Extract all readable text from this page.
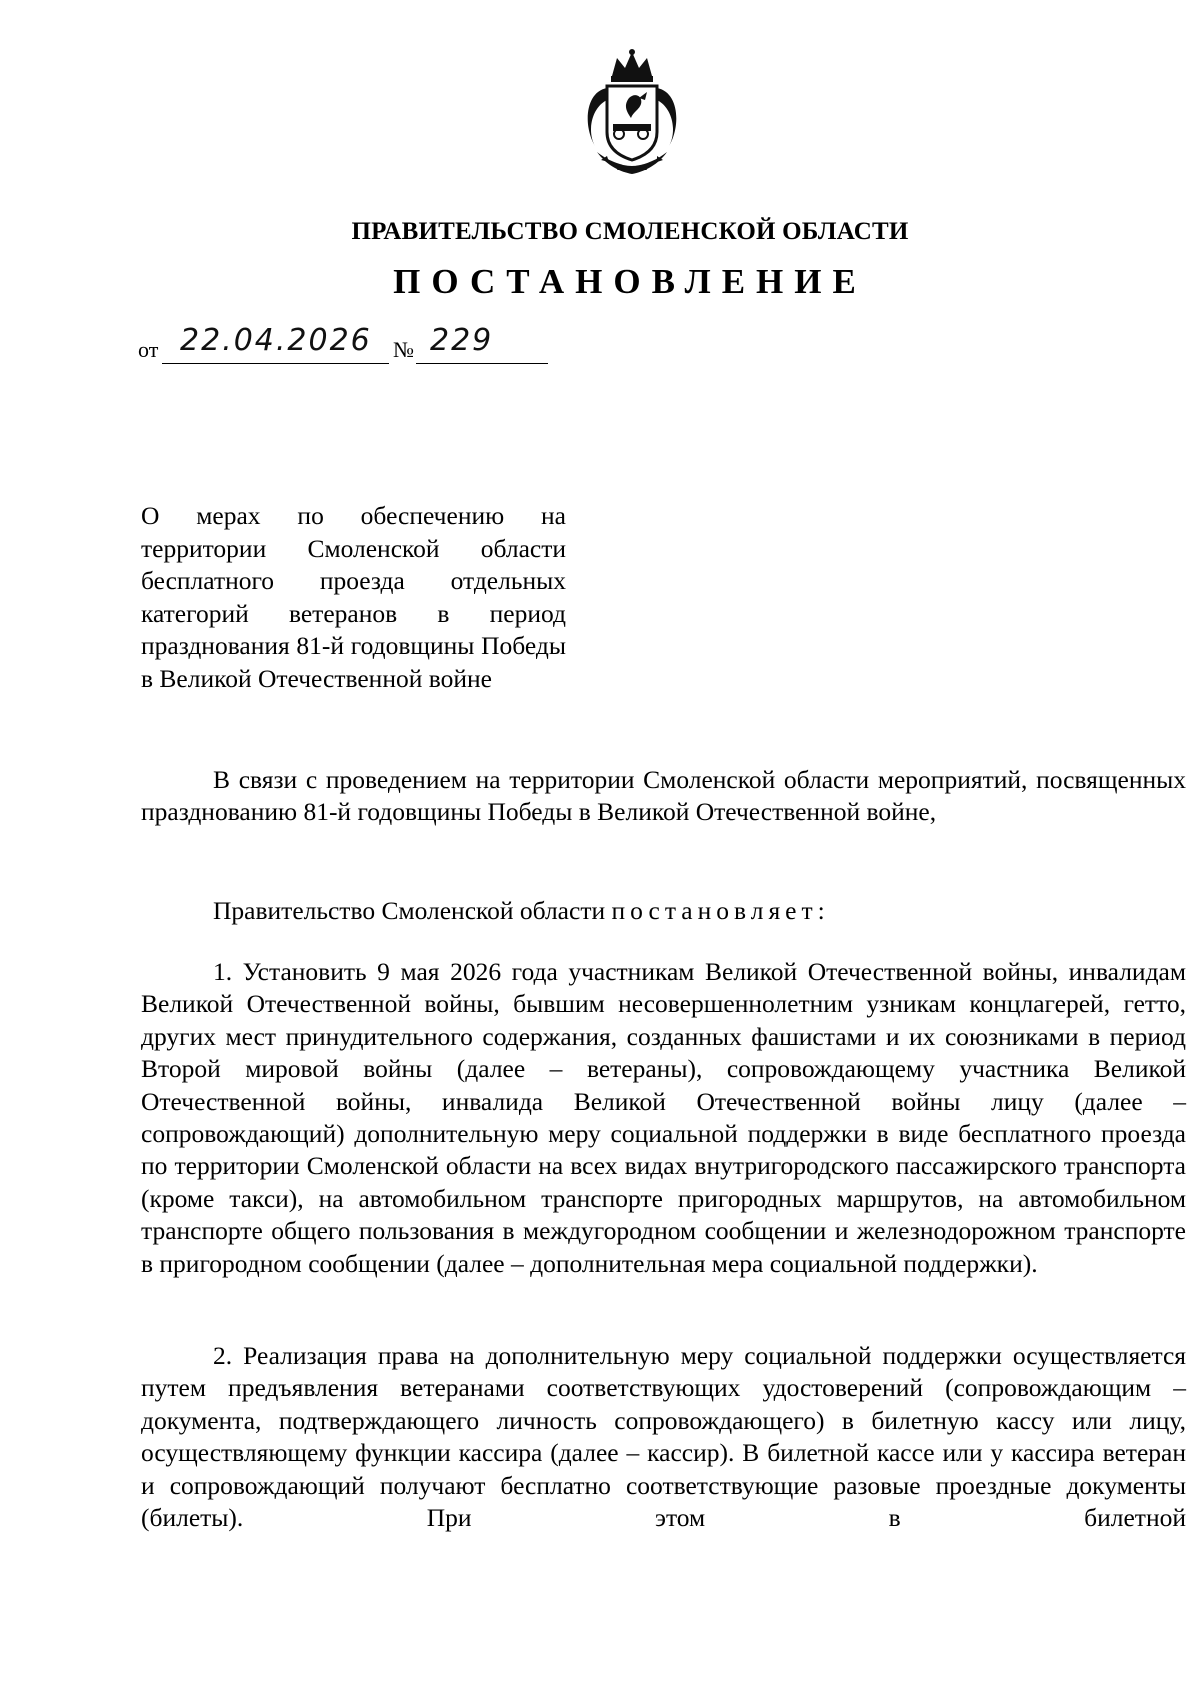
ПРАВИТЕЛЬСТВО СМОЛЕНСКОЙ ОБЛАСТИ
ПОСТАНОВЛЕНИЕ
от 22.04.2026 № 229
О мерах по обеспечению на территории Смоленской области бесплатного проезда отдельных категорий ветеранов в период празднования 81-й годовщины Победы в Великой Отечественной войне

В связи с проведением на территории Смоленской области мероприятий, посвященных празднованию 81-й годовщины Победы в Великой Отечественной войне,

Правительство Смоленской области постановляет:

1. Установить 9 мая 2026 года участникам Великой Отечественной войны, инвалидам Великой Отечественной войны, бывшим несовершеннолетним узникам концлагерей, гетто, других мест принудительного содержания, созданных фашистами и их союзниками в период Второй мировой войны (далее – ветераны), сопровождающему участника Великой Отечественной войны, инвалида Великой Отечественной войны лицу (далее – сопровождающий) дополнительную меру социальной поддержки в виде бесплатного проезда по территории Смоленской области на всех видах внутригородского пассажирского транспорта (кроме такси), на автомобильном транспорте пригородных маршрутов, на автомобильном транспорте общего пользования в междугородном сообщении и железнодорожном транспорте в пригородном сообщении (далее – дополнительная мера социальной поддержки).

2. Реализация права на дополнительную меру социальной поддержки осуществляется путем предъявления ветеранами соответствующих удостоверений (сопровождающим – документа, подтверждающего личность сопровождающего) в билетную кассу или лицу, осуществляющему функции кассира (далее – кассир). В билетной кассе или у кассира ветеран и сопровождающий получают бесплатно соответствующие разовые проездные документы (билеты). При этом в билетной
